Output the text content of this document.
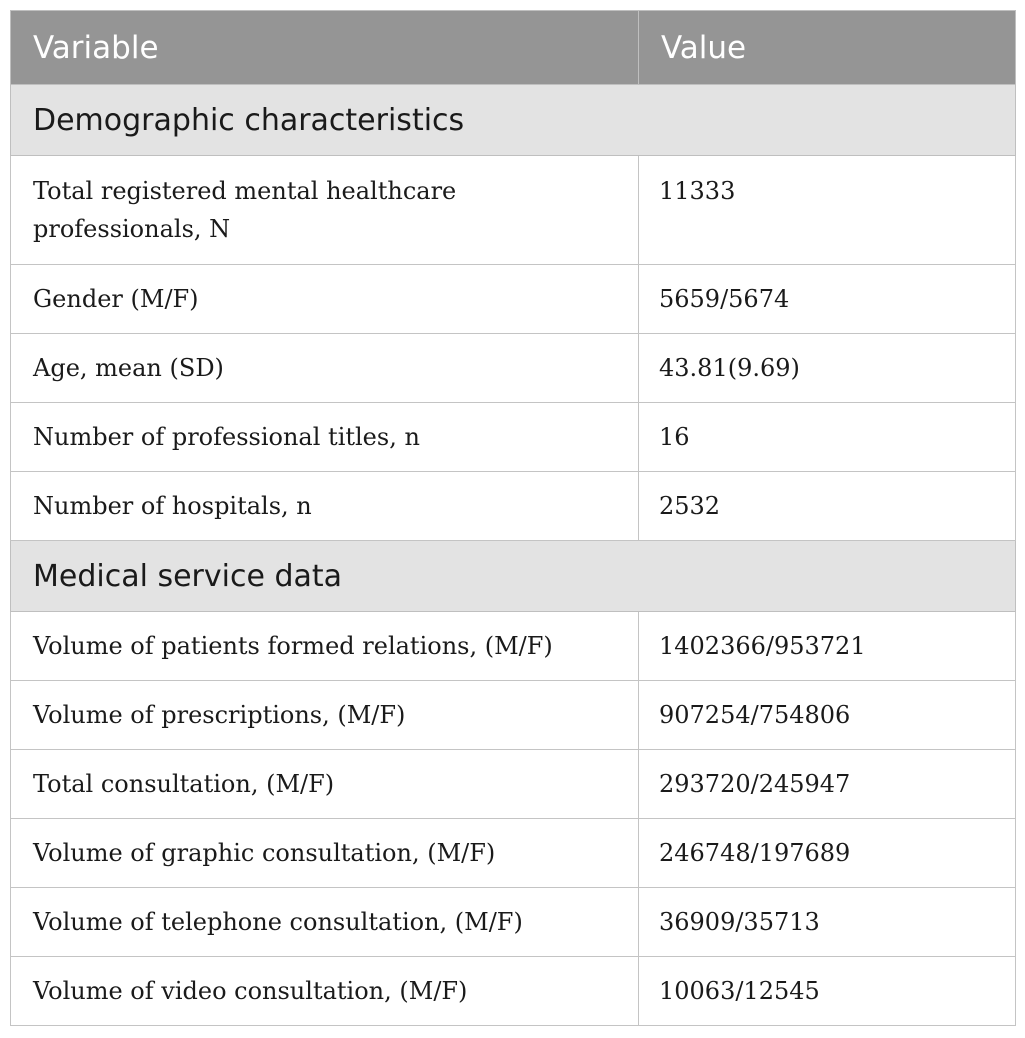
Variable	Value
Demographic characteristics	
Total registered mental healthcare professionals, N	11333
Gender (M/F)	5659/5674
Age, mean (SD)	43.81(9.69)
Number of professional titles, n	16
Number of hospitals, n	2532
Medical service data	
Volume of patients formed relations, (M/F)	1402366/953721
Volume of prescriptions, (M/F)	907254/754806
Total consultation, (M/F)	293720/245947
Volume of graphic consultation, (M/F)	246748/197689
Volume of telephone consultation, (M/F)	36909/35713
Volume of video consultation, (M/F)	10063/12545
